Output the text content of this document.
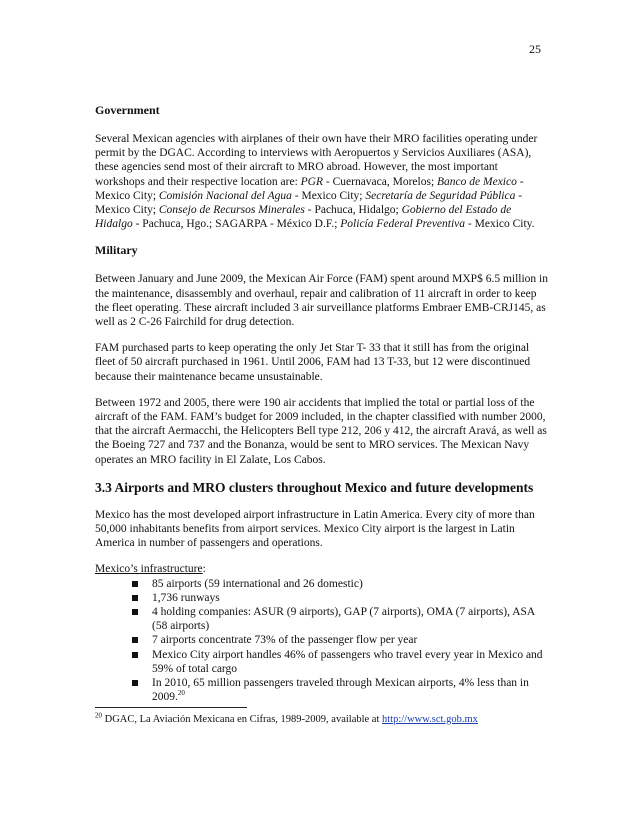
25
Government

Several Mexican agencies with airplanes of their own have their MRO facilities operating under permit by the DGAC. According to interviews with Aeropuertos y Servicios Auxiliares (ASA), these agencies send most of their aircraft to MRO abroad. However, the most important workshops and their respective location are: PGR - Cuernavaca, Morelos; Banco de Mexico - Mexico City; Comisión Nacional del Agua - Mexico City; Secretaría de Seguridad Pública - Mexico City; Consejo de Recursos Minerales - Pachuca, Hidalgo; Gobierno del Estado de Hidalgo - Pachuca, Hgo.; SAGARPA - México D.F.; Policía Federal Preventiva - Mexico City.

Military

Between January and June 2009, the Mexican Air Force (FAM) spent around MXP$ 6.5 million in the maintenance, disassembly and overhaul, repair and calibration of 11 aircraft in order to keep the fleet operating. These aircraft included 3 air surveillance platforms Embraer EMB-CRJ145, as well as 2 C-26 Fairchild for drug detection.

FAM purchased parts to keep operating the only Jet Star T- 33 that it still has from the original fleet of 50 aircraft purchased in 1961. Until 2006, FAM had 13 T-33, but 12 were discontinued because their maintenance became unsustainable.

Between 1972 and 2005, there were 190 air accidents that implied the total or partial loss of the aircraft of the FAM. FAM’s budget for 2009 included, in the chapter classified with number 2000, that the aircraft Aermacchi, the Helicopters Bell type 212, 206 y 412, the aircraft Aravá, as well as the Boeing 727 and 737 and the Bonanza, would be sent to MRO services. The Mexican Navy operates an MRO facility in El Zalate, Los Cabos.

3.3 Airports and MRO clusters throughout Mexico and future developments

Mexico has the most developed airport infrastructure in Latin America. Every city of more than 50,000 inhabitants benefits from airport services. Mexico City airport is the largest in Latin America in number of passengers and operations.

Mexico’s infrastructure:
85 airports (59 international and 26 domestic)
1,736 runways
4 holding companies: ASUR (9 airports), GAP (7 airports), OMA (7 airports), ASA (58 airports)
7 airports concentrate 73% of the passenger flow per year
Mexico City airport handles 46% of passengers who travel every year in Mexico and 59% of total cargo
In 2010, 65 million passengers traveled through Mexican airports, 4% less than in 2009.20
$^{20}$ DGAC, La Aviación Mexicana en Cifras, 1989-2009, available at http://www.sct.gob.mx
